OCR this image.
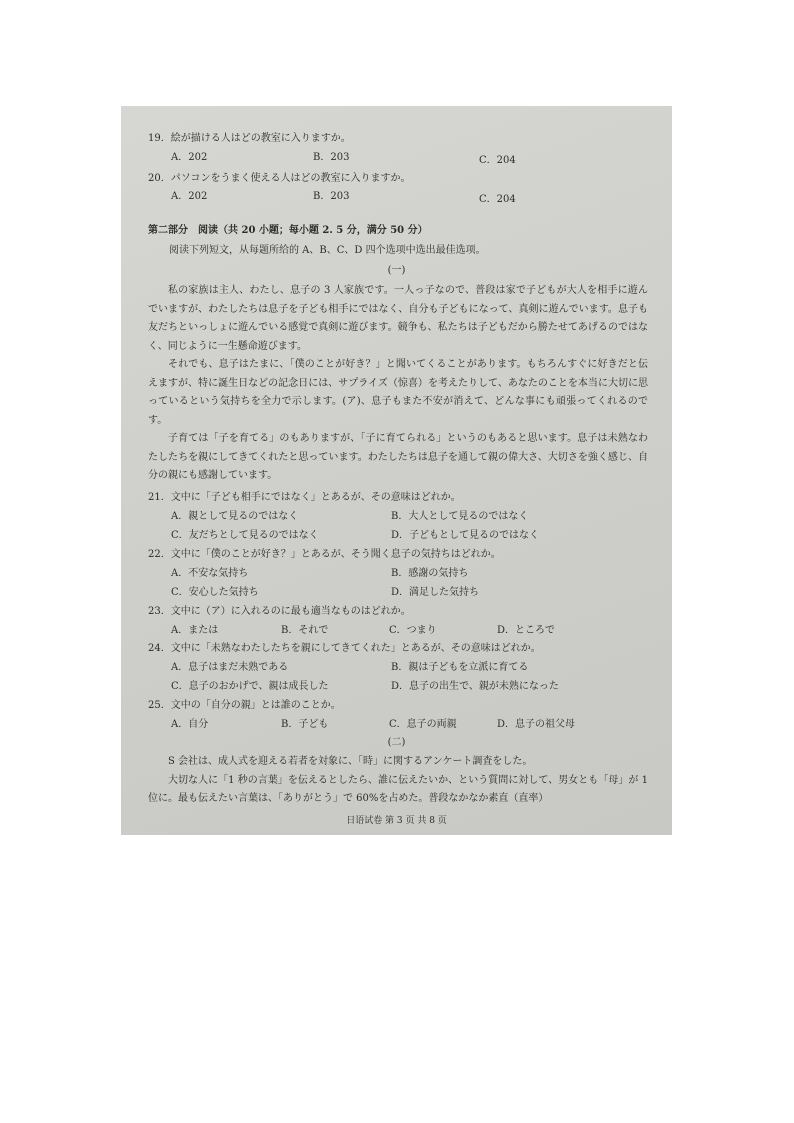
19．絵が描ける人はどの教室に入りますか。
A．202	B．203	C．204
20．パソコンをうまく使える人はどの教室に入りますか。
A．202	B．203	C．204
第二部分　阅读（共 20 小题；每小题 2. 5 分，满分 50 分）
阅读下列短文，从每题所给的 A、B、C、D 四个选项中选出最佳选项。
(一)

私の家族は主人、わたし、息子の 3 人家族です。一人っ子なので、普段は家で子どもが大人を相手に遊んでいますが、わたしたちは息子を子ども相手にではなく、自分も子どもになって、真剣に遊んでいます。息子も友だちといっしょに遊んでいる感覚で真剣に遊びます。競争も、私たちは子どもだから勝たせてあげるのではなく、同じように一生懸命遊びます。

それでも、息子はたまに、「僕のことが好き？」と聞いてくることがあります。もちろんすぐに好きだと伝えますが、特に誕生日などの記念日には、サプライズ（惊喜）を考えたりして、あなたのことを本当に大切に思っているという気持ちを全力で示します。(ア)、息子もまた不安が消えて、どんな事にも頑張ってくれるのです。

子育ては「子を育てる」のもありますが、「子に育てられる」というのもあると思います。息子は未熟なわたしたちを親にしてきてくれたと思っています。わたしたちは息子を通して親の偉大さ、大切さを強く感じ、自分の親にも感謝しています。

21．文中に「子ども相手にではなく」とあるが、その意味はどれか。
A．親として見るのではなく	B．大人として見るのではなく
C．友だちとして見るのではなく	D．子どもとして見るのではなく
22．文中に「僕のことが好き？」とあるが、そう聞く息子の気持ちはどれか。
A．不安な気持ち	B．感謝の気持ち
C．安心した気持ち	D．満足した気持ち
23．文中に（ア）に入れるのに最も適当なものはどれか。
A．または	B．それで	C．つまり	D．ところで
24．文中に「未熟なわたしたちを親にしてきてくれた」とあるが、その意味はどれか。
A．息子はまだ未熟である	B．親は子どもを立派に育てる
C．息子のおかげで、親は成長した	D．息子の出生で、親が未熟になった
25．文中の「自分の親」とは誰のことか。
A．自分	B．子ども	C．息子の両親	D．息子の祖父母
(二)

S 会社は、成人式を迎える若者を対象に、「時」に関するアンケート調査をした。

大切な人に「1 秒の言葉」を伝えるとしたら、誰に伝えたいか、という質問に対して、男女とも「母」が 1 位に。最も伝えたい言葉は、「ありがとう」で 60%を占めた。普段なかなか素直（直率）

日语试卷 第 3 页 共 8 页
